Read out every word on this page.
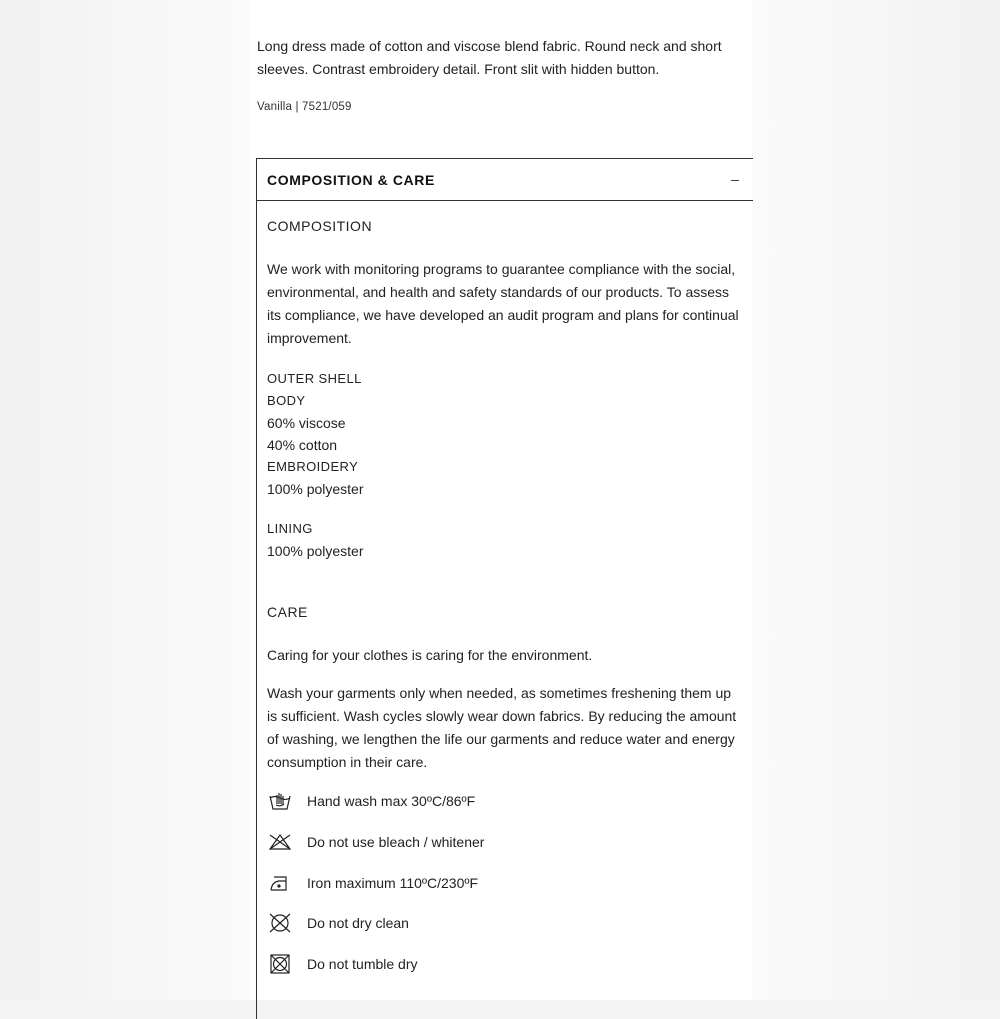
Long dress made of cotton and viscose blend fabric. Round neck and short sleeves. Contrast embroidery detail. Front slit with hidden button.
Vanilla | 7521/059
COMPOSITION & CARE	–
COMPOSITION
We work with monitoring programs to guarantee compliance with the social, environmental, and health and safety standards of our products. To assess its compliance, we have developed an audit program and plans for continual improvement.
OUTER SHELL
BODY
60% viscose
40% cotton
EMBROIDERY
100% polyester
LINING
100% polyester
CARE
Caring for your clothes is caring for the environment.
Wash your garments only when needed, as sometimes freshening them up is sufficient. Wash cycles slowly wear down fabrics. By reducing the amount of washing, we lengthen the life our garments and reduce water and energy consumption in their care.
Hand wash max 30ºC/86ºF
Do not use bleach / whitener
Iron maximum 110ºC/230ºF
Do not dry clean
Do not tumble dry
